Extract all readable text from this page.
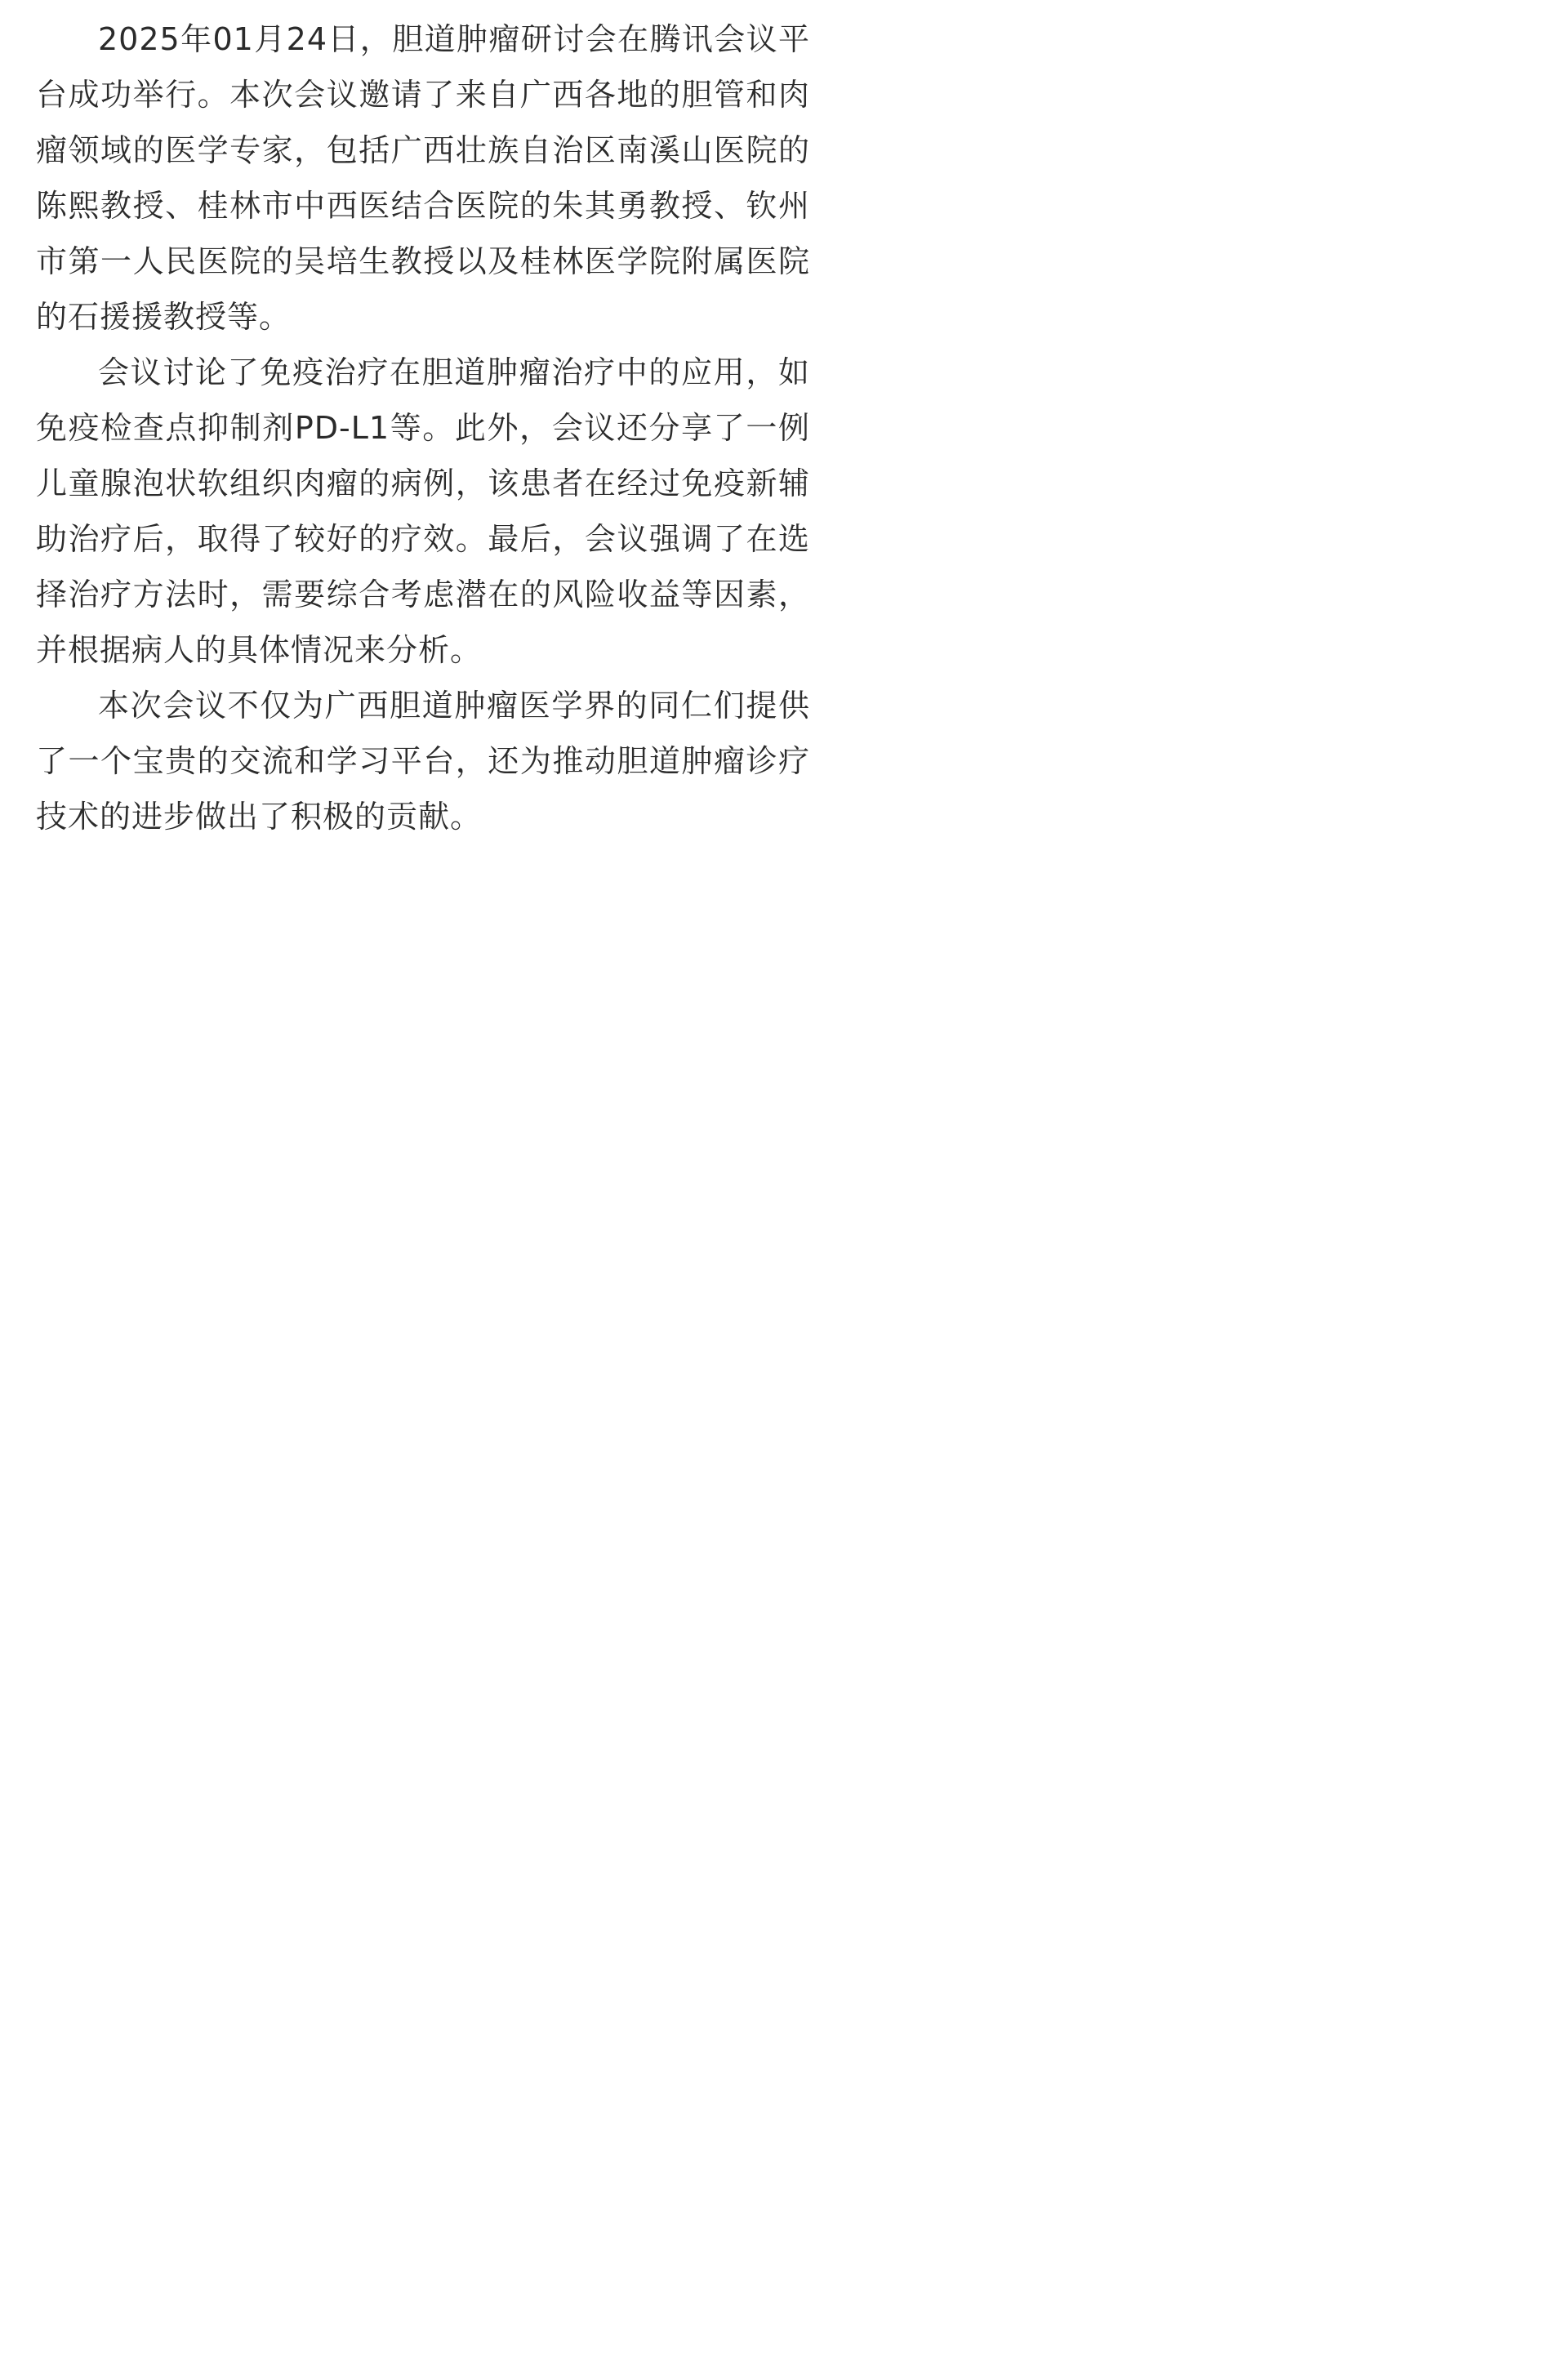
2025年01月24日，胆道肿瘤研讨会在腾讯会议平台成功举行。本次会议邀请了来自广西各地的胆管和肉瘤领域的医学专家，包括广西壮族自治区南溪山医院的陈熙教授、桂林市中西医结合医院的朱其勇教授、钦州市第一人民医院的吴培生教授以及桂林医学院附属医院的石援援教授等。

会议讨论了免疫治疗在胆道肿瘤治疗中的应用，如免疫检查点抑制剂PD-L1等。此外，会议还分享了一例儿童腺泡状软组织肉瘤的病例，该患者在经过免疫新辅助治疗后，取得了较好的疗效。最后，会议强调了在选择治疗方法时，需要综合考虑潜在的风险收益等因素，并根据病人的具体情况来分析。

本次会议不仅为广西胆道肿瘤医学界的同仁们提供了一个宝贵的交流和学习平台，还为推动胆道肿瘤诊疗技术的进步做出了积极的贡献。
